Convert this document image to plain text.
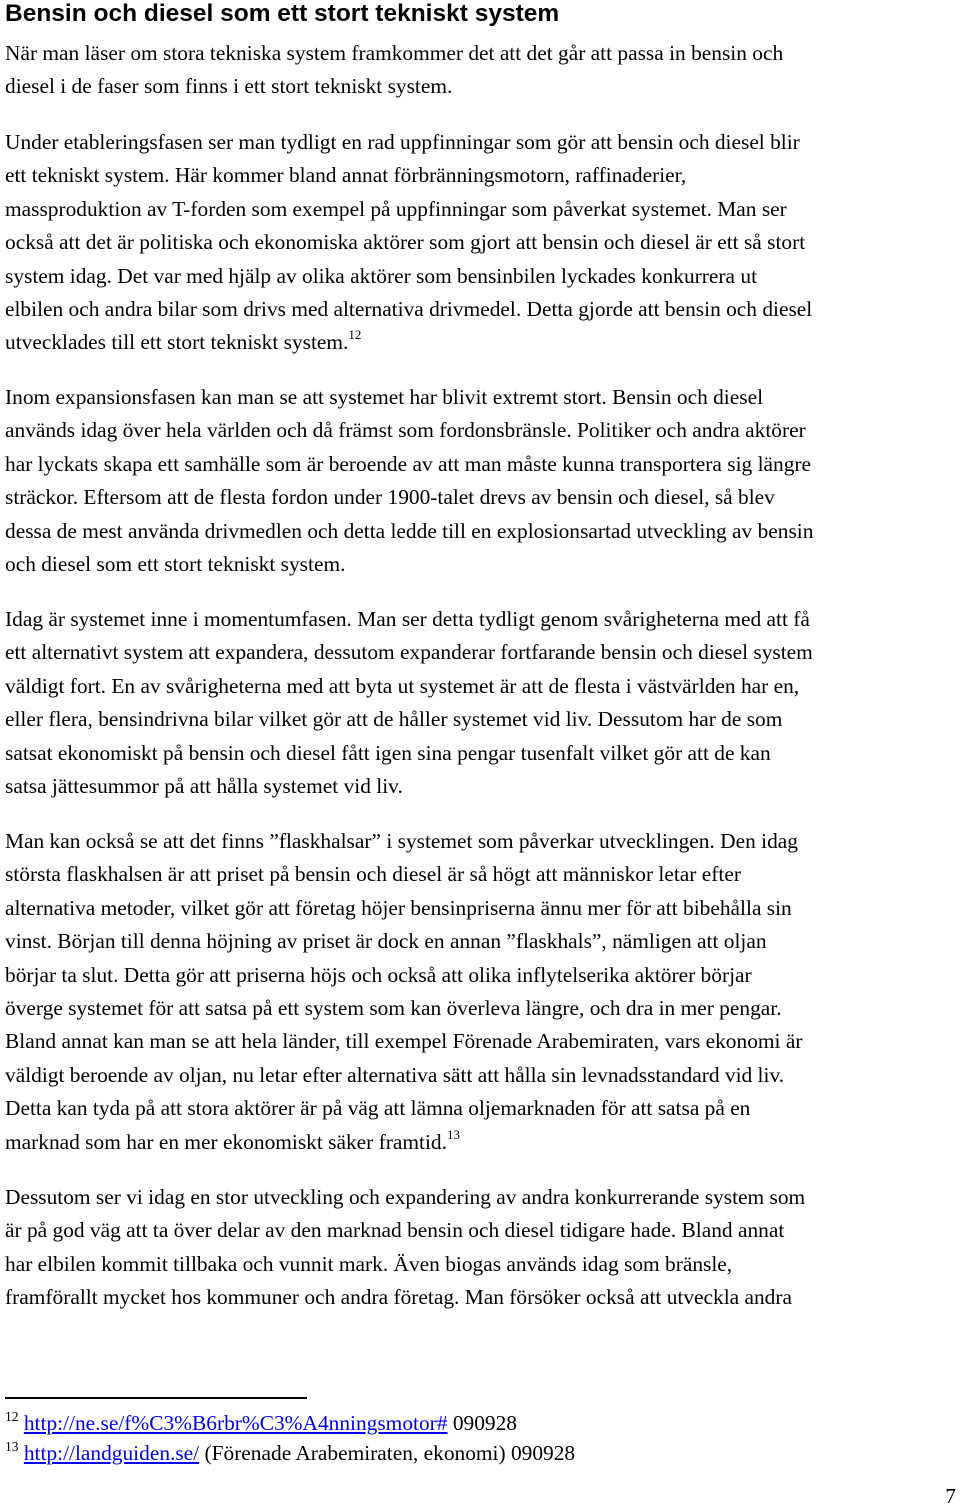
Bensin och diesel som ett stort tekniskt system
När man läser om stora tekniska system framkommer det att det går att passa in bensin och
diesel i de faser som finns i ett stort tekniskt system.
Under etableringsfasen ser man tydligt en rad uppfinningar som gör att bensin och diesel blir
ett tekniskt system. Här kommer bland annat förbränningsmotorn, raffinaderier,
massproduktion av T-forden som exempel på uppfinningar som påverkat systemet. Man ser
också att det är politiska och ekonomiska aktörer som gjort att bensin och diesel är ett så stort
system idag. Det var med hjälp av olika aktörer som bensinbilen lyckades konkurrera ut
elbilen och andra bilar som drivs med alternativa drivmedel. Detta gjorde att bensin och diesel
utvecklades till ett stort tekniskt system.$^{12}$
Inom expansionsfasen kan man se att systemet har blivit extremt stort. Bensin och diesel
används idag över hela världen och då främst som fordonsbränsle. Politiker och andra aktörer
har lyckats skapa ett samhälle som är beroende av att man måste kunna transportera sig längre
sträckor. Eftersom att de flesta fordon under 1900-talet drevs av bensin och diesel, så blev
dessa de mest använda drivmedlen och detta ledde till en explosionsartad utveckling av bensin
och diesel som ett stort tekniskt system.
Idag är systemet inne i momentumfasen. Man ser detta tydligt genom svårigheterna med att få
ett alternativt system att expandera, dessutom expanderar fortfarande bensin och diesel system
väldigt fort. En av svårigheterna med att byta ut systemet är att de flesta i västvärlden har en,
eller flera, bensindrivna bilar vilket gör att de håller systemet vid liv. Dessutom har de som
satsat ekonomiskt på bensin och diesel fått igen sina pengar tusenfalt vilket gör att de kan
satsa jättesummor på att hålla systemet vid liv.
Man kan också se att det finns ”flaskhalsar” i systemet som påverkar utvecklingen. Den idag
största flaskhalsen är att priset på bensin och diesel är så högt att människor letar efter
alternativa metoder, vilket gör att företag höjer bensinpriserna ännu mer för att bibehålla sin
vinst. Början till denna höjning av priset är dock en annan ”flaskhals”, nämligen att oljan
börjar ta slut. Detta gör att priserna höjs och också att olika inflytelserika aktörer börjar
överge systemet för att satsa på ett system som kan överleva längre, och dra in mer pengar.
Bland annat kan man se att hela länder, till exempel Förenade Arabemiraten, vars ekonomi är
väldigt beroende av oljan, nu letar efter alternativa sätt att hålla sin levnadsstandard vid liv.
Detta kan tyda på att stora aktörer är på väg att lämna oljemarknaden för att satsa på en
marknad som har en mer ekonomiskt säker framtid.$^{13}$
Dessutom ser vi idag en stor utveckling och expandering av andra konkurrerande system som
är på god väg att ta över delar av den marknad bensin och diesel tidigare hade. Bland annat
har elbilen kommit tillbaka och vunnit mark. Även biogas används idag som bränsle,
framförallt mycket hos kommuner och andra företag. Man försöker också att utveckla andra
$^{12}$ http://ne.se/f%C3%B6rbr%C3%A4nningsmotor# 090928
$^{13}$ http://landguiden.se/ (Förenade Arabemiraten, ekonomi) 090928
7
